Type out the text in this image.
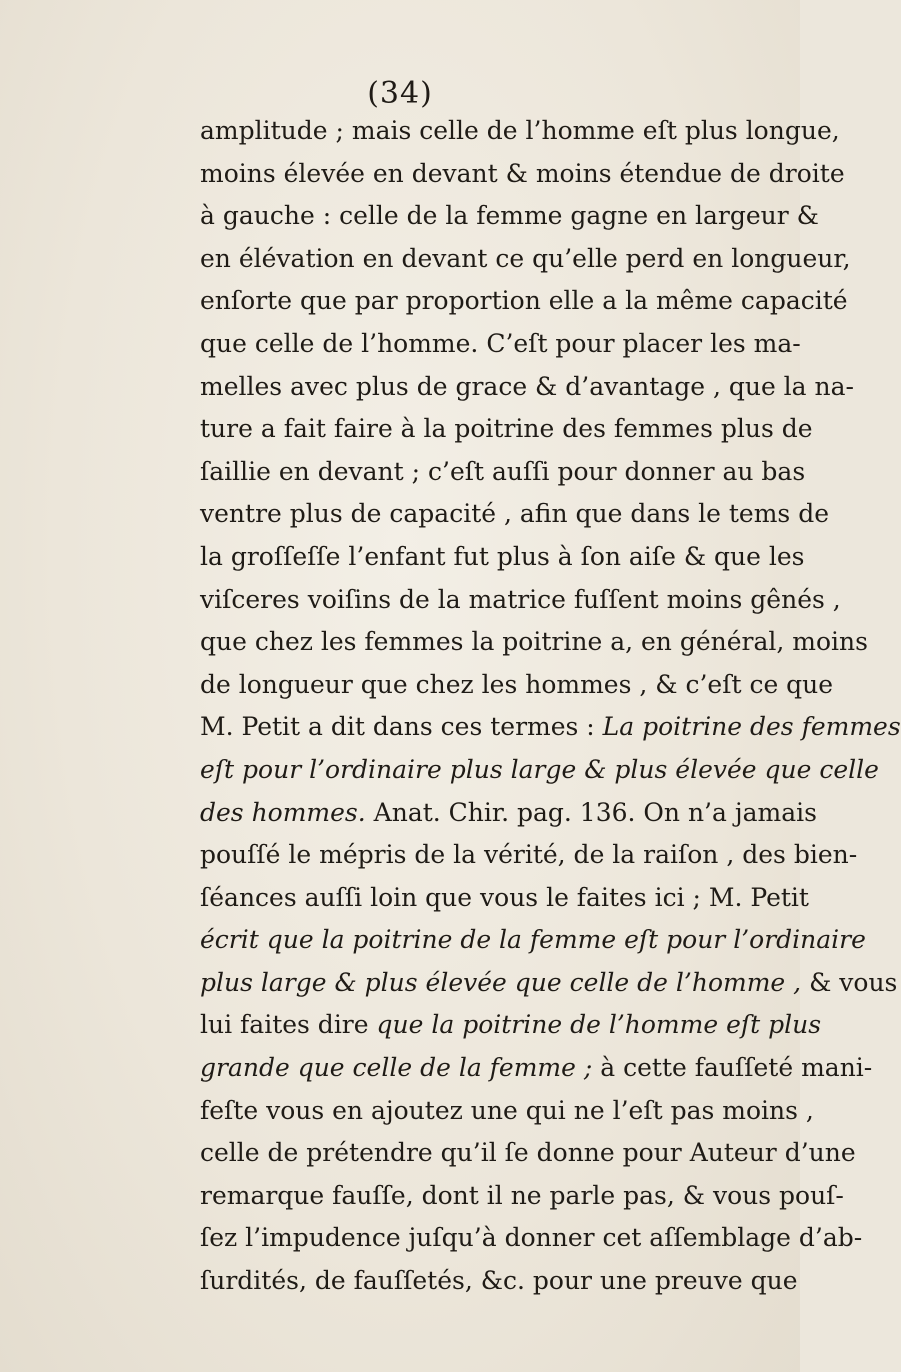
(34)
amplitude ; mais celle de l’homme eſt plus longue,
moins élevée en devant & moins étendue de droite
à gauche : celle de la femme gagne en largeur &
en élévation en devant ce qu’elle perd en longueur,
enſorte que par proportion elle a la même capacité
que celle de l’homme. C’eſt pour placer les ma-
melles avec plus de grace & d’avantage , que la na-
ture a fait faire à la poitrine des femmes plus de
ſaillie en devant ; c’eſt auſſi pour donner au bas
ventre plus de capacité , afin que dans le tems de
la groſſeſſe l’enfant fut plus à ſon aiſe & que les
viſceres voiſins de la matrice fuſſent moins gênés ,
que chez les femmes la poitrine a, en général, moins
de longueur que chez les hommes , & c’eſt ce que
M. Petit a dit dans ces termes : La poitrine des femmes
eſt pour l’ordinaire plus large & plus élevée que celle
des hommes. Anat. Chir. pag. 136. On n’a jamais
pouſſé le mépris de la vérité, de la raiſon , des bien-
ſéances auſſi loin que vous le faites ici ; M. Petit
écrit que la poitrine de la femme eſt pour l’ordinaire
plus large & plus élevée que celle de l’homme , & vous
lui faites dire que la poitrine de l’homme eſt plus
grande que celle de la femme ; à cette fauſſeté mani-
feſte vous en ajoutez une qui ne l’eſt pas moins ,
celle de prétendre qu’il ſe donne pour Auteur d’une
remarque fauſſe, dont il ne parle pas, & vous pouſ-
ſez l’impudence juſqu’à donner cet aſſemblage d’ab-
ſurdités, de fauſſetés, &c. pour une preuve que
